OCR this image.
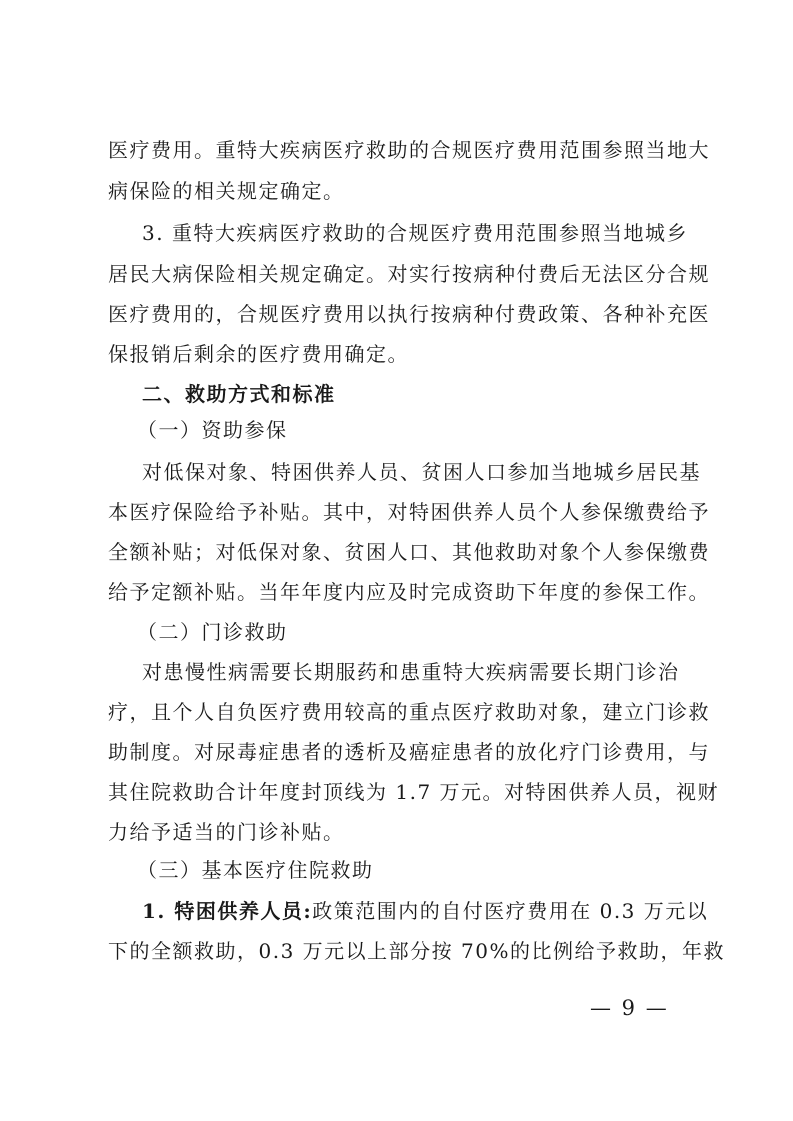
医疗费用。重特大疾病医疗救助的合规医疗费用范围参照当地大
病保险的相关规定确定。
3. 重特大疾病医疗救助的合规医疗费用范围参照当地城乡
居民大病保险相关规定确定。对实行按病种付费后无法区分合规
医疗费用的，合规医疗费用以执行按病种付费政策、各种补充医
保报销后剩余的医疗费用确定。
二、救助方式和标准
（一）资助参保
对低保对象、特困供养人员、贫困人口参加当地城乡居民基
本医疗保险给予补贴。其中，对特困供养人员个人参保缴费给予
全额补贴；对低保对象、贫困人口、其他救助对象个人参保缴费
给予定额补贴。当年年度内应及时完成资助下年度的参保工作。
（二）门诊救助
对患慢性病需要长期服药和患重特大疾病需要长期门诊治
疗，且个人自负医疗费用较高的重点医疗救助对象，建立门诊救
助制度。对尿毒症患者的透析及癌症患者的放化疗门诊费用，与
其住院救助合计年度封顶线为 1.7 万元。对特困供养人员，视财
力给予适当的门诊补贴。
（三）基本医疗住院救助
1. 特困供养人员:政策范围内的自付医疗费用在 0.3 万元以
下的全额救助，0.3 万元以上部分按 70%的比例给予救助，年救
— 9 —
